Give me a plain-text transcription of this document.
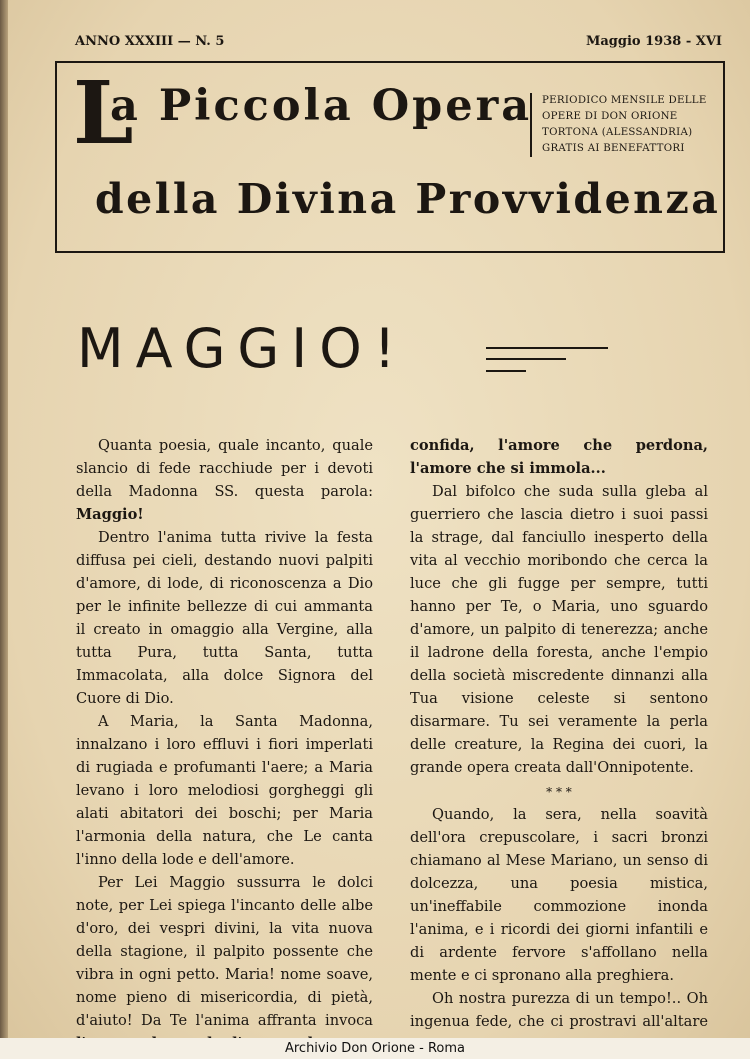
ANNO XXXIII — N. 5	Maggio 1938 - XVI
L
a Piccola Opera
della Divina Provvidenza
PERIODICO MENSILE DELLE
OPERE DI DON ORIONE
TORTONA (ALESSANDRIA)
GRATIS AI BENEFATTORI
MAGGIO!

Quanta poesia, quale incanto, quale slancio di fede racchiude per i devoti della Madonna SS. questa parola: Maggio!

Dentro l'anima tutta rivive la festa diffusa pei cieli, destando nuovi palpiti d'amore, di lode, di riconoscenza a Dio per le infinite bellezze di cui ammanta il creato in omaggio alla Vergine, alla tutta Pura, tutta Santa, tutta Immacolata, alla dolce Signora del Cuore di Dio.

A Maria, la Santa Madonna, innalzano i loro effluvi i fiori imperlati di rugiada e profumanti l'aere; a Maria levano i loro melodiosi gorgheggi gli alati abitatori dei boschi; per Maria l'armonia della natura, che Le canta l'inno della lode e dell'amore.

Per Lei Maggio sussurra le dolci note, per Lei spiega l'incanto delle albe d'oro, dei vespri divini, la vita nuova della stagione, il palpito possente che vibra in ogni petto. Maria! nome soave, nome pieno di misericordia, di pietà, d'aiuto! Da Te l'anima affranta invoca

confida, l'amore che perdona, l'amore che si immola...

Dal bifolco che suda sulla gleba al guerriero che lascia dietro i suoi passi la strage, dal fanciullo inesperto della vita al vecchio moribondo che cerca la luce che gli fugge per sempre, tutti hanno per Te, o Maria, uno sguardo d'amore, un palpito di tenerezza; anche il ladrone della foresta, anche l'empio della società miscredente dinnanzi alla Tua visione celeste si sentono disarmare. Tu sei veramente la perla delle creature, la Regina dei cuori, la grande opera creata dall'Onnipotente.

* * *

Quando, la sera, nella soavità dell'ora crepuscolare, i sacri bronzi chiamano al Mese Mariano, un senso di dolcezza, una poesia mistica, un'ineffabile commozione inonda l'anima, e i ricordi dei giorni infantili e di ardente fervore s'affollano nella mente e ci spronano alla preghiera.

Oh nostra purezza di un tempo!.. Oh ingenua fede, che ci prostravi all'altare

Archivio Don Orione - Roma
